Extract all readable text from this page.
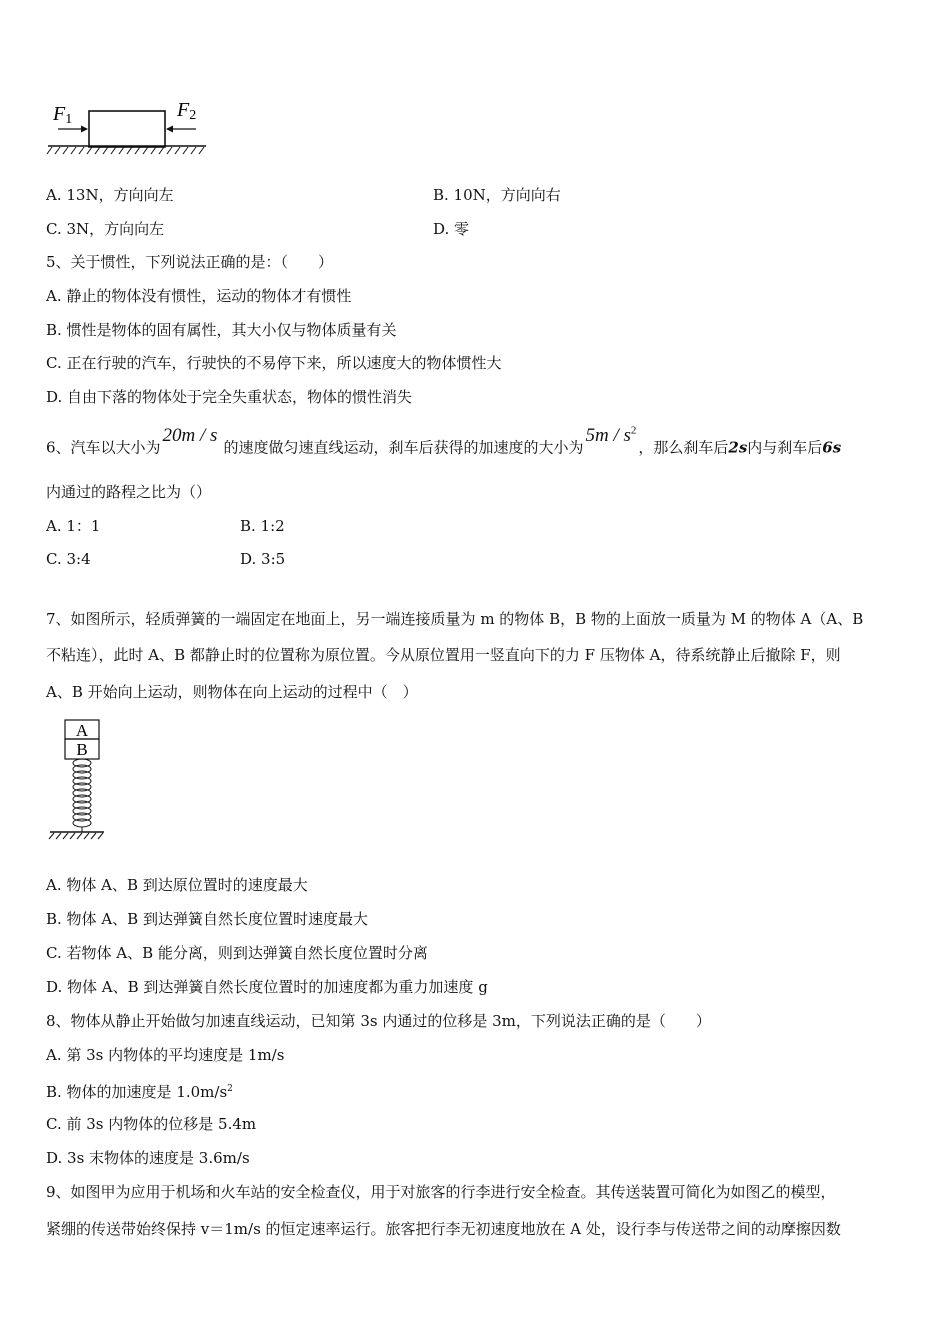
F1	F2
A. 13N，方向向左	B. 10N，方向向右
C. 3N，方向向左	D. 零
5、关于惯性，下列说法正确的是：（　　）
A. 静止的物体没有惯性，运动的物体才有惯性
B. 惯性是物体的固有属性，其大小仅与物体质量有关
C. 正在行驶的汽车，行驶快的不易停下来，所以速度大的物体惯性大
D. 自由下落的物体处于完全失重状态，物体的惯性消失
6、汽车以大小为20m / s的速度做匀速直线运动，刹车后获得的加速度的大小为$5m / s^2$，那么刹车后2s内与刹车后6s
内通过的路程之比为（）
A. 1：1	B. 1:2
C. 3:4	D. 3:5
7、如图所示，轻质弹簧的一端固定在地面上，另一端连接质量为 m 的物体 B，B 物的上面放一质量为 M 的物体 A（A、B
不粘连），此时 A、B 都静止时的位置称为原位置。今从原位置用一竖直向下的力 F 压物体 A，待系统静止后撤除 F，则
A、B 开始向上运动，则物体在向上运动的过程中（　）
A
B
A. 物体 A、B 到达原位置时的速度最大
B. 物体 A、B 到达弹簧自然长度位置时速度最大
C. 若物体 A、B 能分离，则到达弹簧自然长度位置时分离
D. 物体 A、B 到达弹簧自然长度位置时的加速度都为重力加速度 g
8、物体从静止开始做匀加速直线运动，已知第 3s 内通过的位移是 3m，下列说法正确的是（　　）
A. 第 3s 内物体的平均速度是 1m/s
B. 物体的加速度是 $1.0m/s^2$
C. 前 3s 内物体的位移是 5.4m
D. 3s 末物体的速度是 3.6m/s
9、如图甲为应用于机场和火车站的安全检查仪，用于对旅客的行李进行安全检查。其传送装置可简化为如图乙的模型，
紧绷的传送带始终保持 v＝1m/s 的恒定速率运行。旅客把行李无初速度地放在 A 处，设行李与传送带之间的动摩擦因数
